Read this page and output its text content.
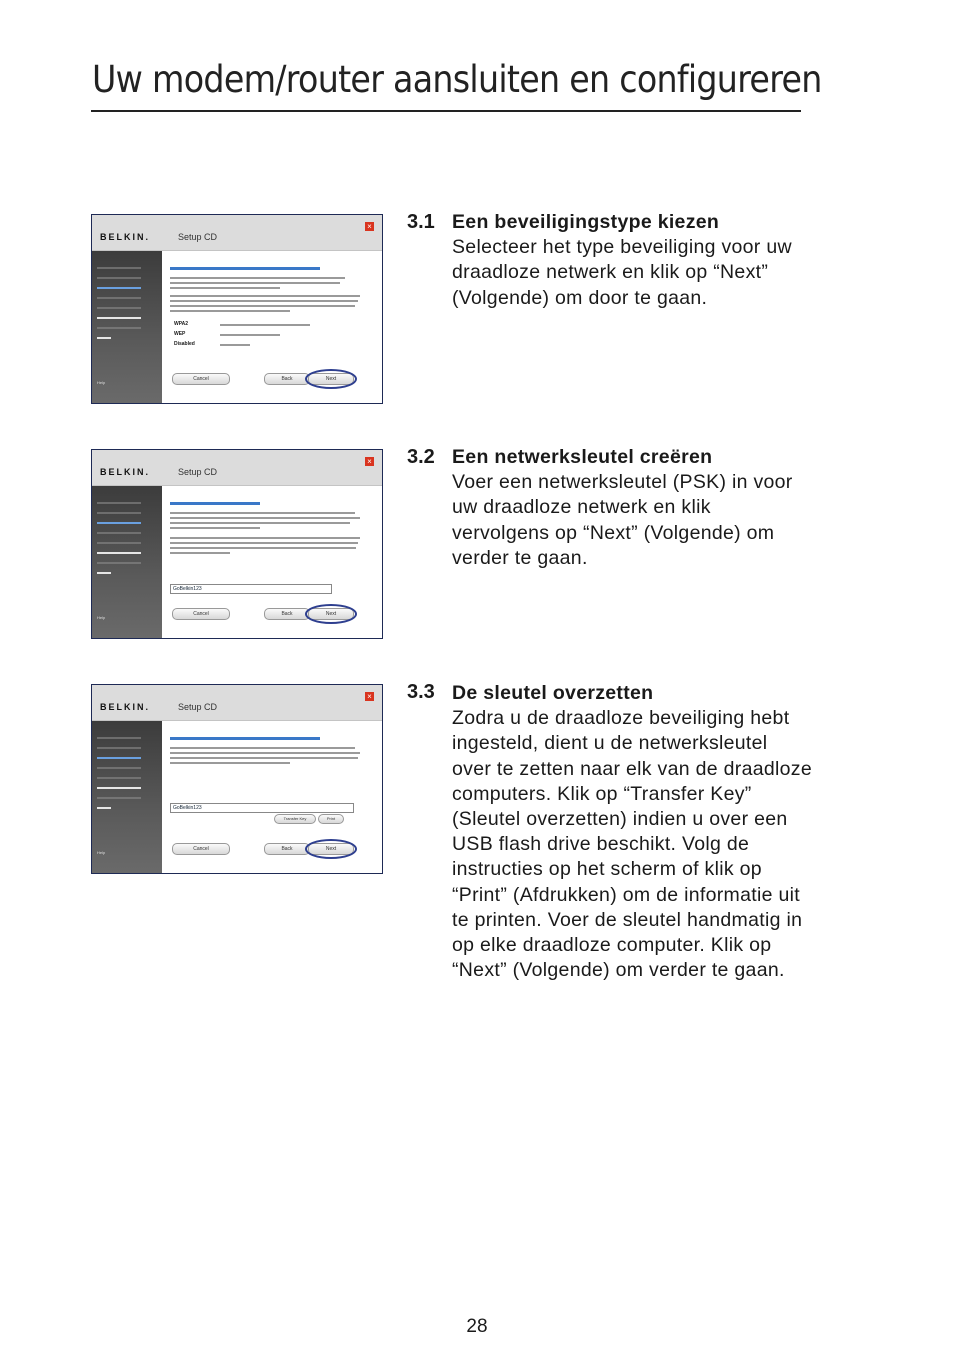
Uw modem/router aansluiten en configureren
BELKIN.	Setup CD
×
Help
WPA2
WEP
Disabled
Cancel	Back	Next
3.1 Een beveiligingstype kiezen
Selecteer het type beveiliging voor uw draadloze netwerk en klik op “Next” (Volgende) om door te gaan.
BELKIN.	Setup CD
×
Help
GoBelkin123
Cancel	Back	Next
3.2 Een netwerksleutel creëren
Voer een netwerksleutel (PSK) in voor uw draadloze netwerk en klik vervolgens op “Next” (Volgende) om verder te gaan.
BELKIN.	Setup CD
×
Help
GoBelkin123
Transfer Key	Print
Cancel	Back	Next
3.3 De sleutel overzetten
Zodra u de draadloze beveiliging hebt ingesteld, dient u de netwerksleutel over te zetten naar elk van de draadloze computers. Klik op “Transfer Key” (Sleutel overzetten) indien u over een USB flash drive beschikt. Volg de instructies op het scherm of klik op “Print” (Afdrukken) om de informatie uit te printen. Voer de sleutel handmatig in op elke draadloze computer. Klik op “Next” (Volgende) om verder te gaan.
28
